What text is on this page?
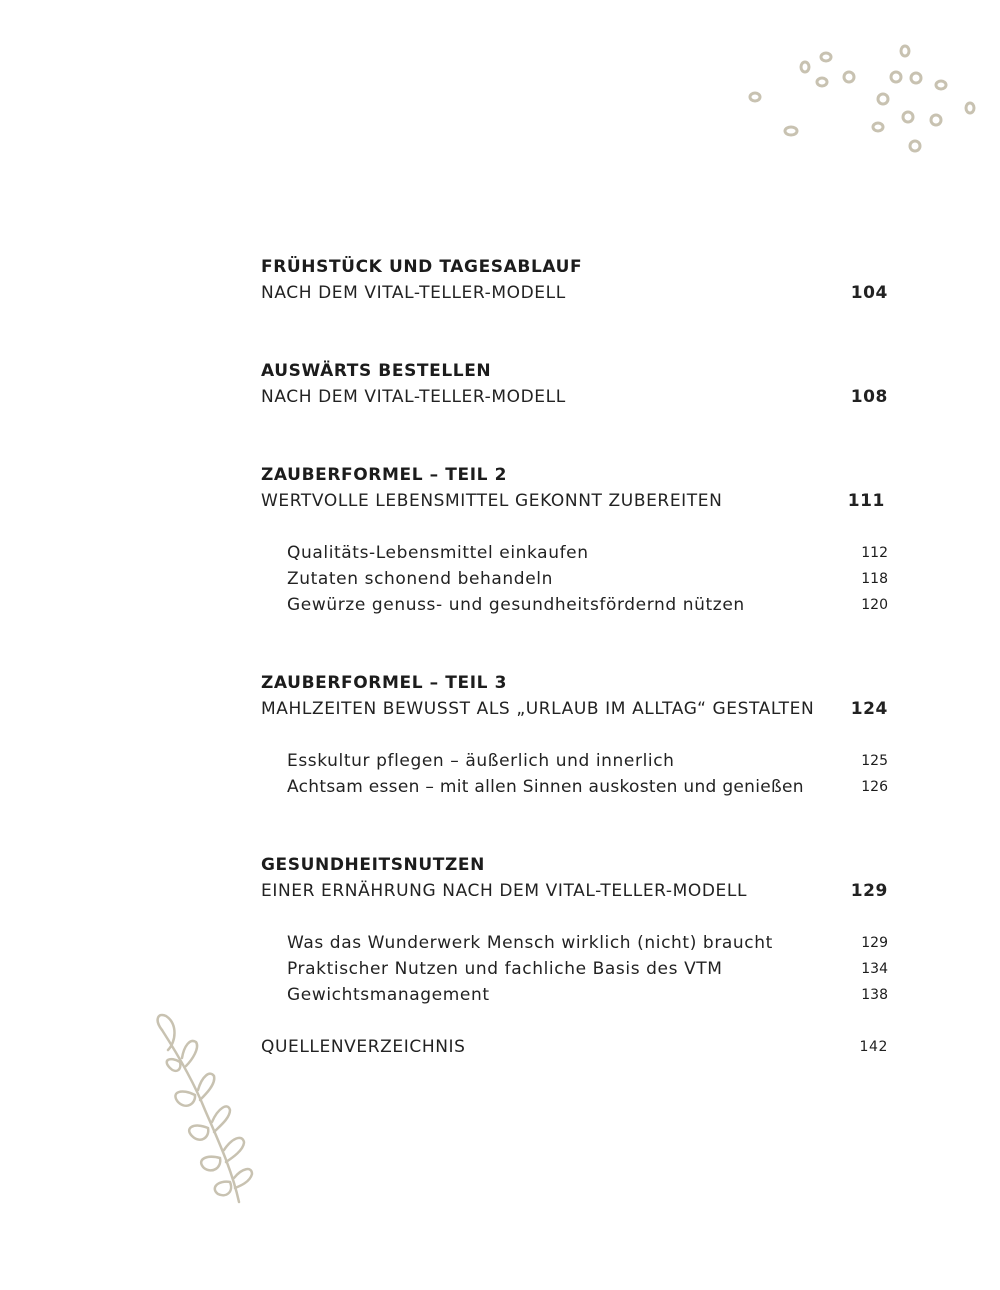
FRÜHSTÜCK UND TAGESABLAUF
NACH DEM VITAL-TELLER-MODELL	104
AUSWÄRTS BESTELLEN
NACH DEM VITAL-TELLER-MODELL	108
ZAUBERFORMEL – TEIL 2
WERTVOLLE LEBENSMITTEL GEKONNT ZUBEREITEN	111
Qualitäts-Lebensmittel einkaufen	112
Zutaten schonend behandeln	118
Gewürze genuss- und gesundheitsfördernd nützen	120
ZAUBERFORMEL – TEIL 3
MAHLZEITEN BEWUSST ALS „URLAUB IM ALLTAG“ GESTALTEN 124
Esskultur pflegen – äußerlich und innerlich	125
Achtsam essen – mit allen Sinnen auskosten und genießen	126
GESUNDHEITSNUTZEN
EINER ERNÄHRUNG NACH DEM VITAL-TELLER-MODELL	129
Was das Wunderwerk Mensch wirklich (nicht) braucht	129
Praktischer Nutzen und fachliche Basis des VTM	134
Gewichtsmanagement	138
QUELLENVERZEICHNIS	142
